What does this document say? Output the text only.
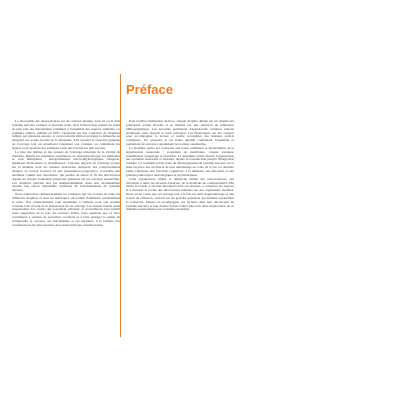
Préface

La drosophile des neurosciences est un crustacé étrange, doté ici ou là d'un système nerveux compact et pourtant riche, dont l'observation permet de saisir au plus près des mécanismes communs à l'ensemble des espèces animales. La première édition, publiée en 1997, s'appuyait sur une collection de chapitres rédigés par plusieurs auteurs, et cette nouvelle édition prolonge la démarche en intégrant les acquis récents de la discipline. Elle reprend la structure générale de l'ouvrage tout en actualisant largement son contenu, en complétant les figures et en ajoutant des exemples issus des travaux les plus récents.

La liste des thèmes et des auteurs de l'ouvrage témoigne de la vitalité du domaine. Depuis les premières expériences de neurophysiologie, les méthodes se sont multipliées : enregistrements électrophysiologiques, imagerie, génétique moléculaire et modélisation. Chacune apporte un éclairage propre sur la manière dont les réseaux neuronaux élaborent des comportements adaptés. Le lecteur trouvera ici une présentation progressive, accessible aux étudiants comme aux chercheurs, qui permet de suivre le fil des découvertes depuis les travaux fondateurs jusqu'aux questions encore ouvertes aujourd'hui. Les chapitres peuvent être lus indépendamment, mais leur enchaînement dessine une vision d'ensemble cohérente du fonctionnement du système nerveux.

Nous remercions chaleureusement les collègues qui ont accepté de relire les différents chapitres et dont les remarques ont permis d'améliorer sensiblement le texte. Nos remerciements vont également à l'éditeur pour son soutien constant tout au long de la préparation de cet ouvrage. Les auteurs restent seuls responsables des erreurs qui pourraient subsister, et accueilleront avec intérêt toute suggestion de la part des lecteurs. Enfin, nous espérons que ce livre contribuera à susciter de nouvelles vocations et à faire partager le plaisir de comprendre le cerveau, ses mécanismes et ses mystères, à la lumière des connaissances les plus récentes de la neurobiologie contemporaine.

Pour faciliter l'utilisation du livre, chaque chapitre débute par un résumé des principaux points abordés et se termine par une sélection de références bibliographiques. Les encadrés permettent d'approfondir certaines notions techniques sans alourdir le texte principal. Les illustrations ont été conçues pour accompagner la lecture et rendre accessibles des données parfois complexes. Un glossaire et un index détaillé complètent l'ensemble et permettent de retrouver rapidement les notions essentielles.

La première partie est consacrée aux bases cellulaires et moléculaires de la signalisation neuronale : potentiels de membrane, canaux ioniques, transmission synaptique et plasticité. La deuxième partie aborde l'organisation des systèmes sensoriels et moteurs, depuis la transduction jusqu'à l'intégration centrale. La troisième partie traite du développement du système nerveux, de la mise en place des circuits et de leur remodelage au cours de la vie. La dernière partie s'intéresse aux fonctions cognitives, à la mémoire, aux émotions et aux grandes pathologies neurologiques et psychiatriques.

Cette organisation reflète la démarche même des neurosciences, qui cherchent à relier les niveaux d'analyse, de la molécule au comportement. Elle invite le lecteur à circuler librement entre ces niveaux, à comparer les espèces et à mesurer la portée des découvertes réalisées sur des organismes modèles. Nous avons voulu que cet ouvrage soit à la fois un outil d'apprentissage et une source de réflexion, ouvrant sur les grandes questions qui animent aujourd'hui la recherche. Puisse-t-il accompagner ses lecteurs dans leur découverte du système nerveux et leur donner l'envie d'aller plus loin dans l'exploration de ce domaine passionnant et en constante évolution.
